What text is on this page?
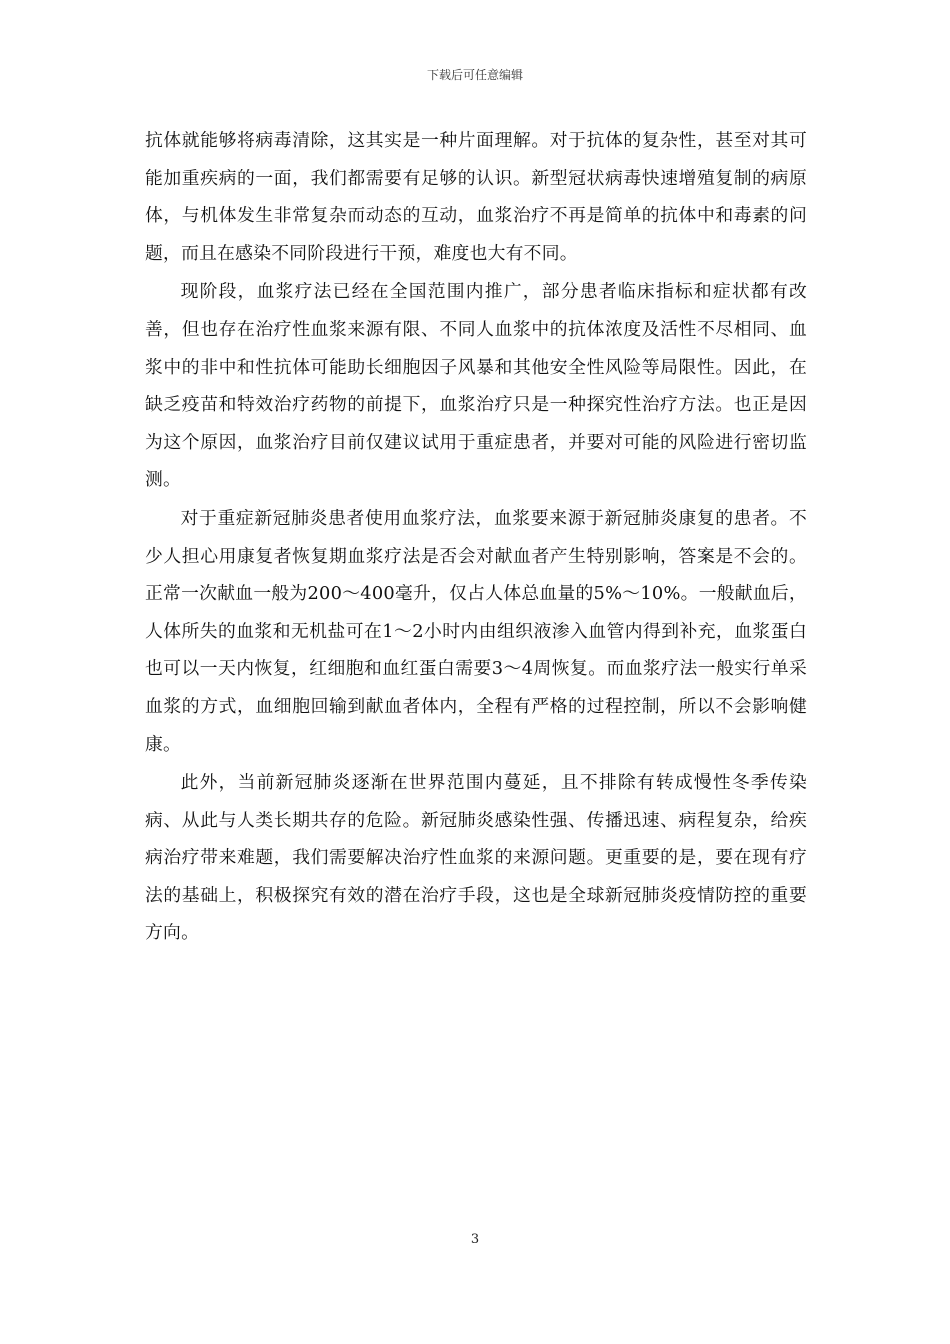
下载后可任意编辑

抗体就能够将病毒清除，这其实是一种片面理解。对于抗体的复杂性，甚至对其可能加重疾病的一面，我们都需要有足够的认识。新型冠状病毒快速增殖复制的病原体，与机体发生非常复杂而动态的互动，血浆治疗不再是简单的抗体中和毒素的问题，而且在感染不同阶段进行干预，难度也大有不同。

现阶段，血浆疗法已经在全国范围内推广，部分患者临床指标和症状都有改善，但也存在治疗性血浆来源有限、不同人血浆中的抗体浓度及活性不尽相同、血浆中的非中和性抗体可能助长细胞因子风暴和其他安全性风险等局限性。因此，在缺乏疫苗和特效治疗药物的前提下，血浆治疗只是一种探究性治疗方法。也正是因为这个原因，血浆治疗目前仅建议试用于重症患者，并要对可能的风险进行密切监测。

对于重症新冠肺炎患者使用血浆疗法，血浆要来源于新冠肺炎康复的患者。不少人担心用康复者恢复期血浆疗法是否会对献血者产生特别影响，答案是不会的。正常一次献血一般为200～400毫升，仅占人体总血量的5%～10%。一般献血后，人体所失的血浆和无机盐可在1～2小时内由组织液渗入血管内得到补充，血浆蛋白也可以一天内恢复，红细胞和血红蛋白需要3～4周恢复。而血浆疗法一般实行单采血浆的方式，血细胞回输到献血者体内，全程有严格的过程控制，所以不会影响健康。

此外，当前新冠肺炎逐渐在世界范围内蔓延，且不排除有转成慢性冬季传染病、从此与人类长期共存的危险。新冠肺炎感染性强、传播迅速、病程复杂，给疾病治疗带来难题，我们需要解决治疗性血浆的来源问题。更重要的是，要在现有疗法的基础上，积极探究有效的潜在治疗手段，这也是全球新冠肺炎疫情防控的重要方向。

3
